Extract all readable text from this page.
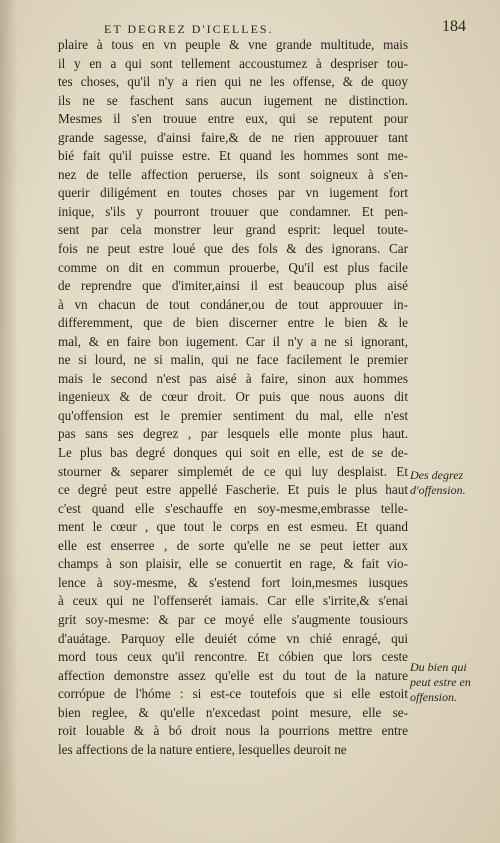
ET DEGREZ D'ICELLES.	184
plaire à tous en vn peuple & vne grande multitude, mais
il y en a qui sont tellement accoustumez à despriser tou-
tes choses, qu'il n'y a rien qui ne les offense, & de quoy
ils ne se faschent sans aucun iugement ne distinction.
Mesmes il s'en trouue entre eux, qui se reputent pour
grande sagesse, d'ainsi faire,& de ne rien approuuer tant
bié fait qu'il puisse estre. Et quand les hommes sont me-
nez de telle affection peruerse, ils sont soigneux à s'en-
querir diligément en toutes choses par vn iugement fort
inique, s'ils y pourront trouuer que condamner. Et pen-
sent par cela monstrer leur grand esprit: lequel toute-
fois ne peut estre loué que des fols & des ignorans. Car
comme on dit en commun prouerbe, Qu'il est plus facile
de reprendre que d'imiter,ainsi il est beaucoup plus aisé
à vn chacun de tout condáner,ou de tout approuuer in-
differemment, que de bien discerner entre le bien & le
mal, & en faire bon iugement. Car il n'y a ne si ignorant,
ne si lourd, ne si malin, qui ne face facilement le premier
mais le second n'est pas aisé à faire, sinon aux hommes
ingenieux & de cœur droit. Or puis que nous auons dit
qu'offension est le premier sentiment du mal, elle n'est
pas sans ses degrez , par lesquels elle monte plus haut.
Le plus bas degré donques qui soit en elle, est de se de-
stourner & separer simplemét de ce qui luy desplaist. Et
ce degré peut estre appellé Fascherie. Et puis le plus haut
c'est quand elle s'eschauffe en soy-mesme,embrasse tellе-
ment le cœur , que tout le corps en est esmeu. Et quand
elle est enserree , de sorte qu'elle ne se peut ietter aux
champs à son plaisir, elle se conuertit en rage, & fait vio-
lence à soy-mesme, & s'estend fort loin,mesmes iusques
à ceux qui ne l'offenserét iamais. Car elle s'irrite,& s'enai
grit soy-mesme: & par ce moyé elle s'augmente tousiours
d'auátage. Parquoy elle deuiét cóme vn chié enragé, qui
mord tous ceux qu'il rencontre. Et cóbien que lors ceste
affection demonstre assez qu'elle est du tout de la nature
corrópue de l'hóme : si est-ce toutefois que si elle estoit
bien reglee, & qu'elle n'excedast point mesure, elle se-
roit louable & à bó droit nous la pourrions mettre entre
les affections de la nature entiere, lesquelles deuroit ne
Des degrez
d'offension.
Du bien qui
peut estre en
offension.
